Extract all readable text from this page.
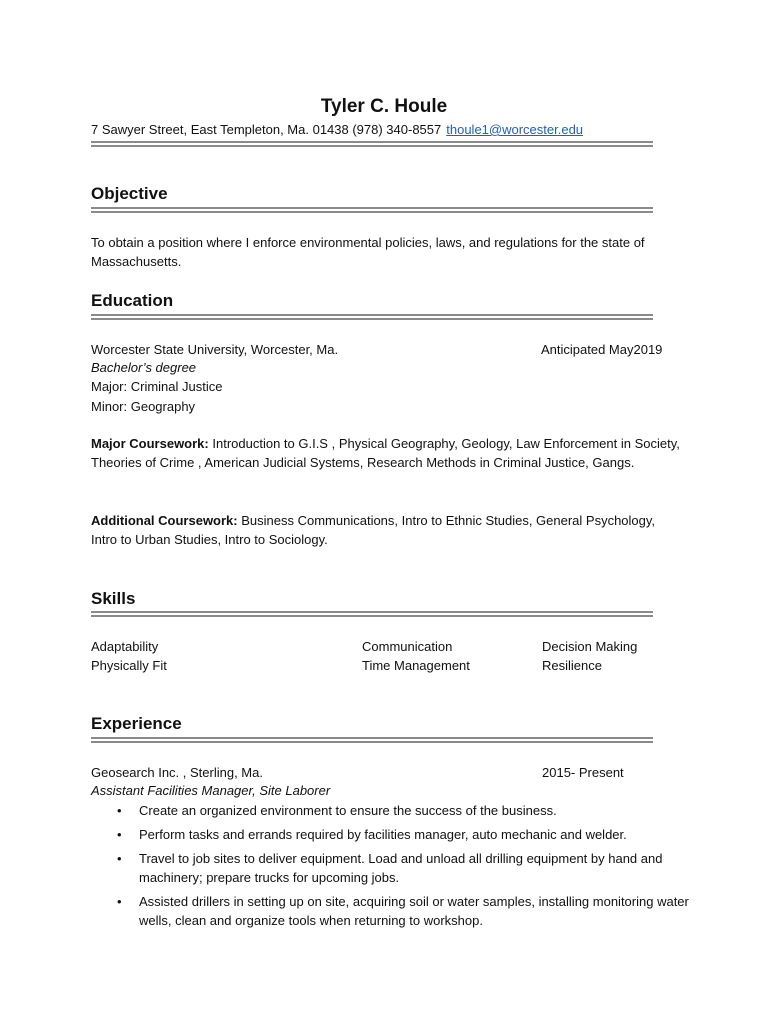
Tyler C. Houle
7 Sawyer Street, East Templeton, Ma. 01438 (978) 340-8557 thoule1@worcester.edu
Objective
To obtain a position where I enforce environmental policies, laws, and regulations for the state of Massachusetts.
Education
Worcester State University, Worcester, Ma.	Anticipated May2019
Bachelor’s degree
Major: Criminal Justice
Minor: Geography
Major Coursework: Introduction to G.I.S , Physical Geography, Geology, Law Enforcement in Society, Theories of Crime , American Judicial Systems, Research Methods in Criminal Justice, Gangs.
Additional Coursework: Business Communications, Intro to Ethnic Studies, General Psychology, Intro to Urban Studies, Intro to Sociology.
Skills
Adaptability
Physically Fit
Communication
Time Management
Decision Making
Resilience
Experience
Geosearch Inc. , Sterling, Ma.	2015- Present
Assistant Facilities Manager, Site Laborer
• Create an organized environment to ensure the success of the business.
• Perform tasks and errands required by facilities manager, auto mechanic and welder.
• Travel to job sites to deliver equipment. Load and unload all drilling equipment by hand and machinery; prepare trucks for upcoming jobs.
• Assisted drillers in setting up on site, acquiring soil or water samples, installing monitoring water wells, clean and organize tools when returning to workshop.
